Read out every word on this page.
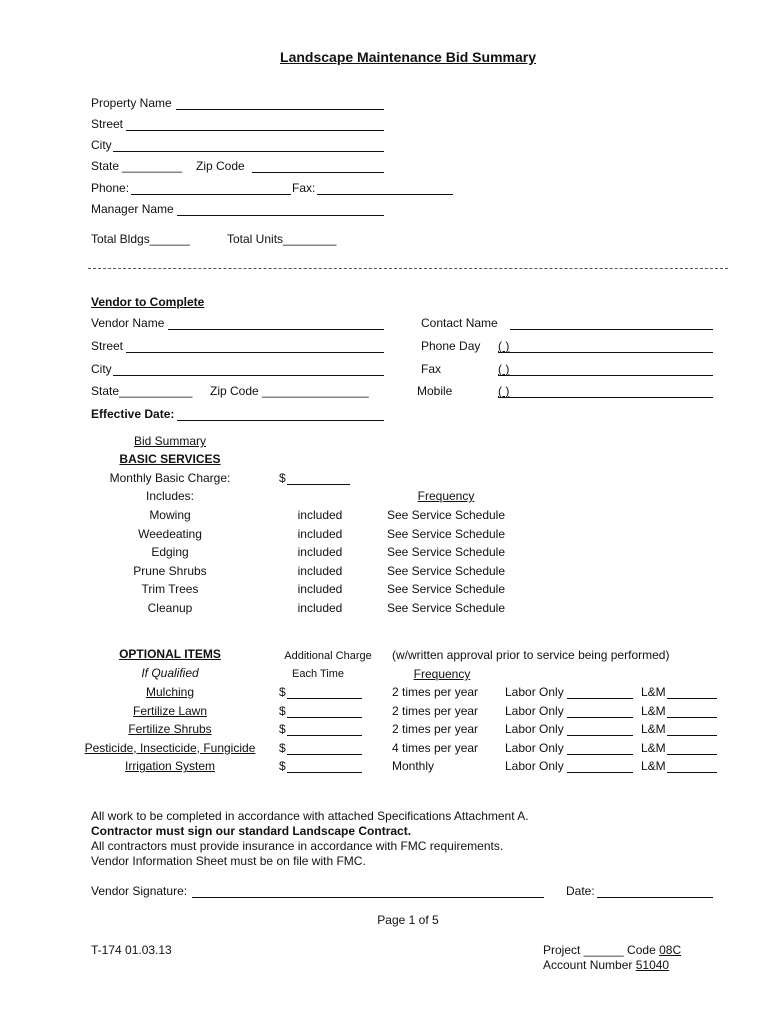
Landscape Maintenance Bid Summary
Property Name
Street
City
State _________ Zip Code
Phone:	Fax:
Manager Name
Total Bldgs______	Total Units________
Vendor to Complete
Vendor Name
Street
City
State___________ Zip Code ________________
Effective Date:
Contact Name
Phone Day ( )
Fax	( )
Mobile	( )
Bid Summary
BASIC SERVICES
Monthly Basic Charge:	$
Includes:	Frequency
Mowing	included	See Service Schedule
Weedeating	included	See Service Schedule
Edging	included	See Service Schedule
Prune Shrubs	included	See Service Schedule
Trim Trees	included	See Service Schedule
Cleanup	included	See Service Schedule
OPTIONAL ITEMS
If Qualified
Additional Charge
Each Time
(w/written approval prior to service being performed)
Frequency
Mulching	$	2 times per year Labor Only	L&M
Fertilize Lawn	$	2 times per year Labor Only	L&M
Fertilize Shrubs	$	2 times per year Labor Only	L&M
Pesticide, Insecticide, Fungicide	$	4 times per year Labor Only	L&M
Irrigation System	$	Monthly	Labor Only	L&M
All work to be completed in accordance with attached Specifications Attachment A.
Contractor must sign our standard Landscape Contract.
All contractors must provide insurance in accordance with FMC requirements.
Vendor Information Sheet must be on file with FMC.
Vendor Signature:	Date:
Page 1 of 5
T-174 01.03.13	Project ______ Code 08C
Account Number 51040
